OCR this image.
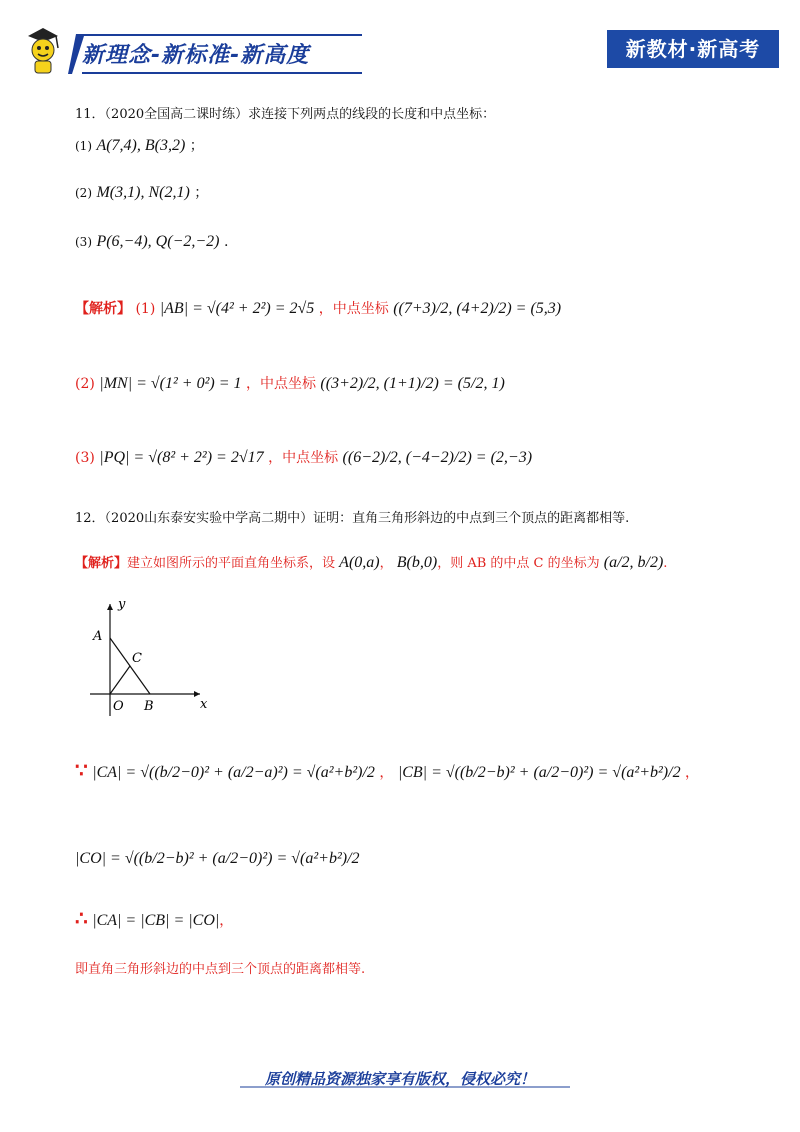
新理念-新标准-新高度	新教材·新高考
11．（2020全国高二课时练）求连接下列两点的线段的长度和中点坐标：
(1) A(7,4), B(3,2) ；
(2) M(3,1), N(2,1) ；
(3) P(6,−4), Q(−2,−2) .
【解析】 (1) |AB| = √(4² + 2²) = 2√5 ，中点坐标 ((7+3)/2, (4+2)/2) = (5,3)
(2) |MN| = √(1² + 0²) = 1 ，中点坐标 ((3+2)/2, (1+1)/2) = (5/2, 1)
(3) |PQ| = √(8² + 2²) = 2√17 ，中点坐标 ((6−2)/2, (−4−2)/2) = (2,−3)
12．（2020山东泰安实验中学高二期中）证明：直角三角形斜边的中点到三个顶点的距离都相等.
【解析】建立如图所示的平面直角坐标系，设 A(0,a)， B(b,0)，则 AB 的中点 C 的坐标为 (a/2, b/2).
y
x
A
B
C
O
∵ |CA| = √((b/2−0)² + (a/2−a)²) = √(a²+b²)/2 ， |CB| = √((b/2−b)² + (a/2−0)²) = √(a²+b²)/2 ，
|CO| = √((b/2−b)² + (a/2−0)²) = √(a²+b²)/2
∴ |CA| = |CB| = |CO|，
即直角三角形斜边的中点到三个顶点的距离都相等.
原创精品资源独家享有版权，侵权必究！
